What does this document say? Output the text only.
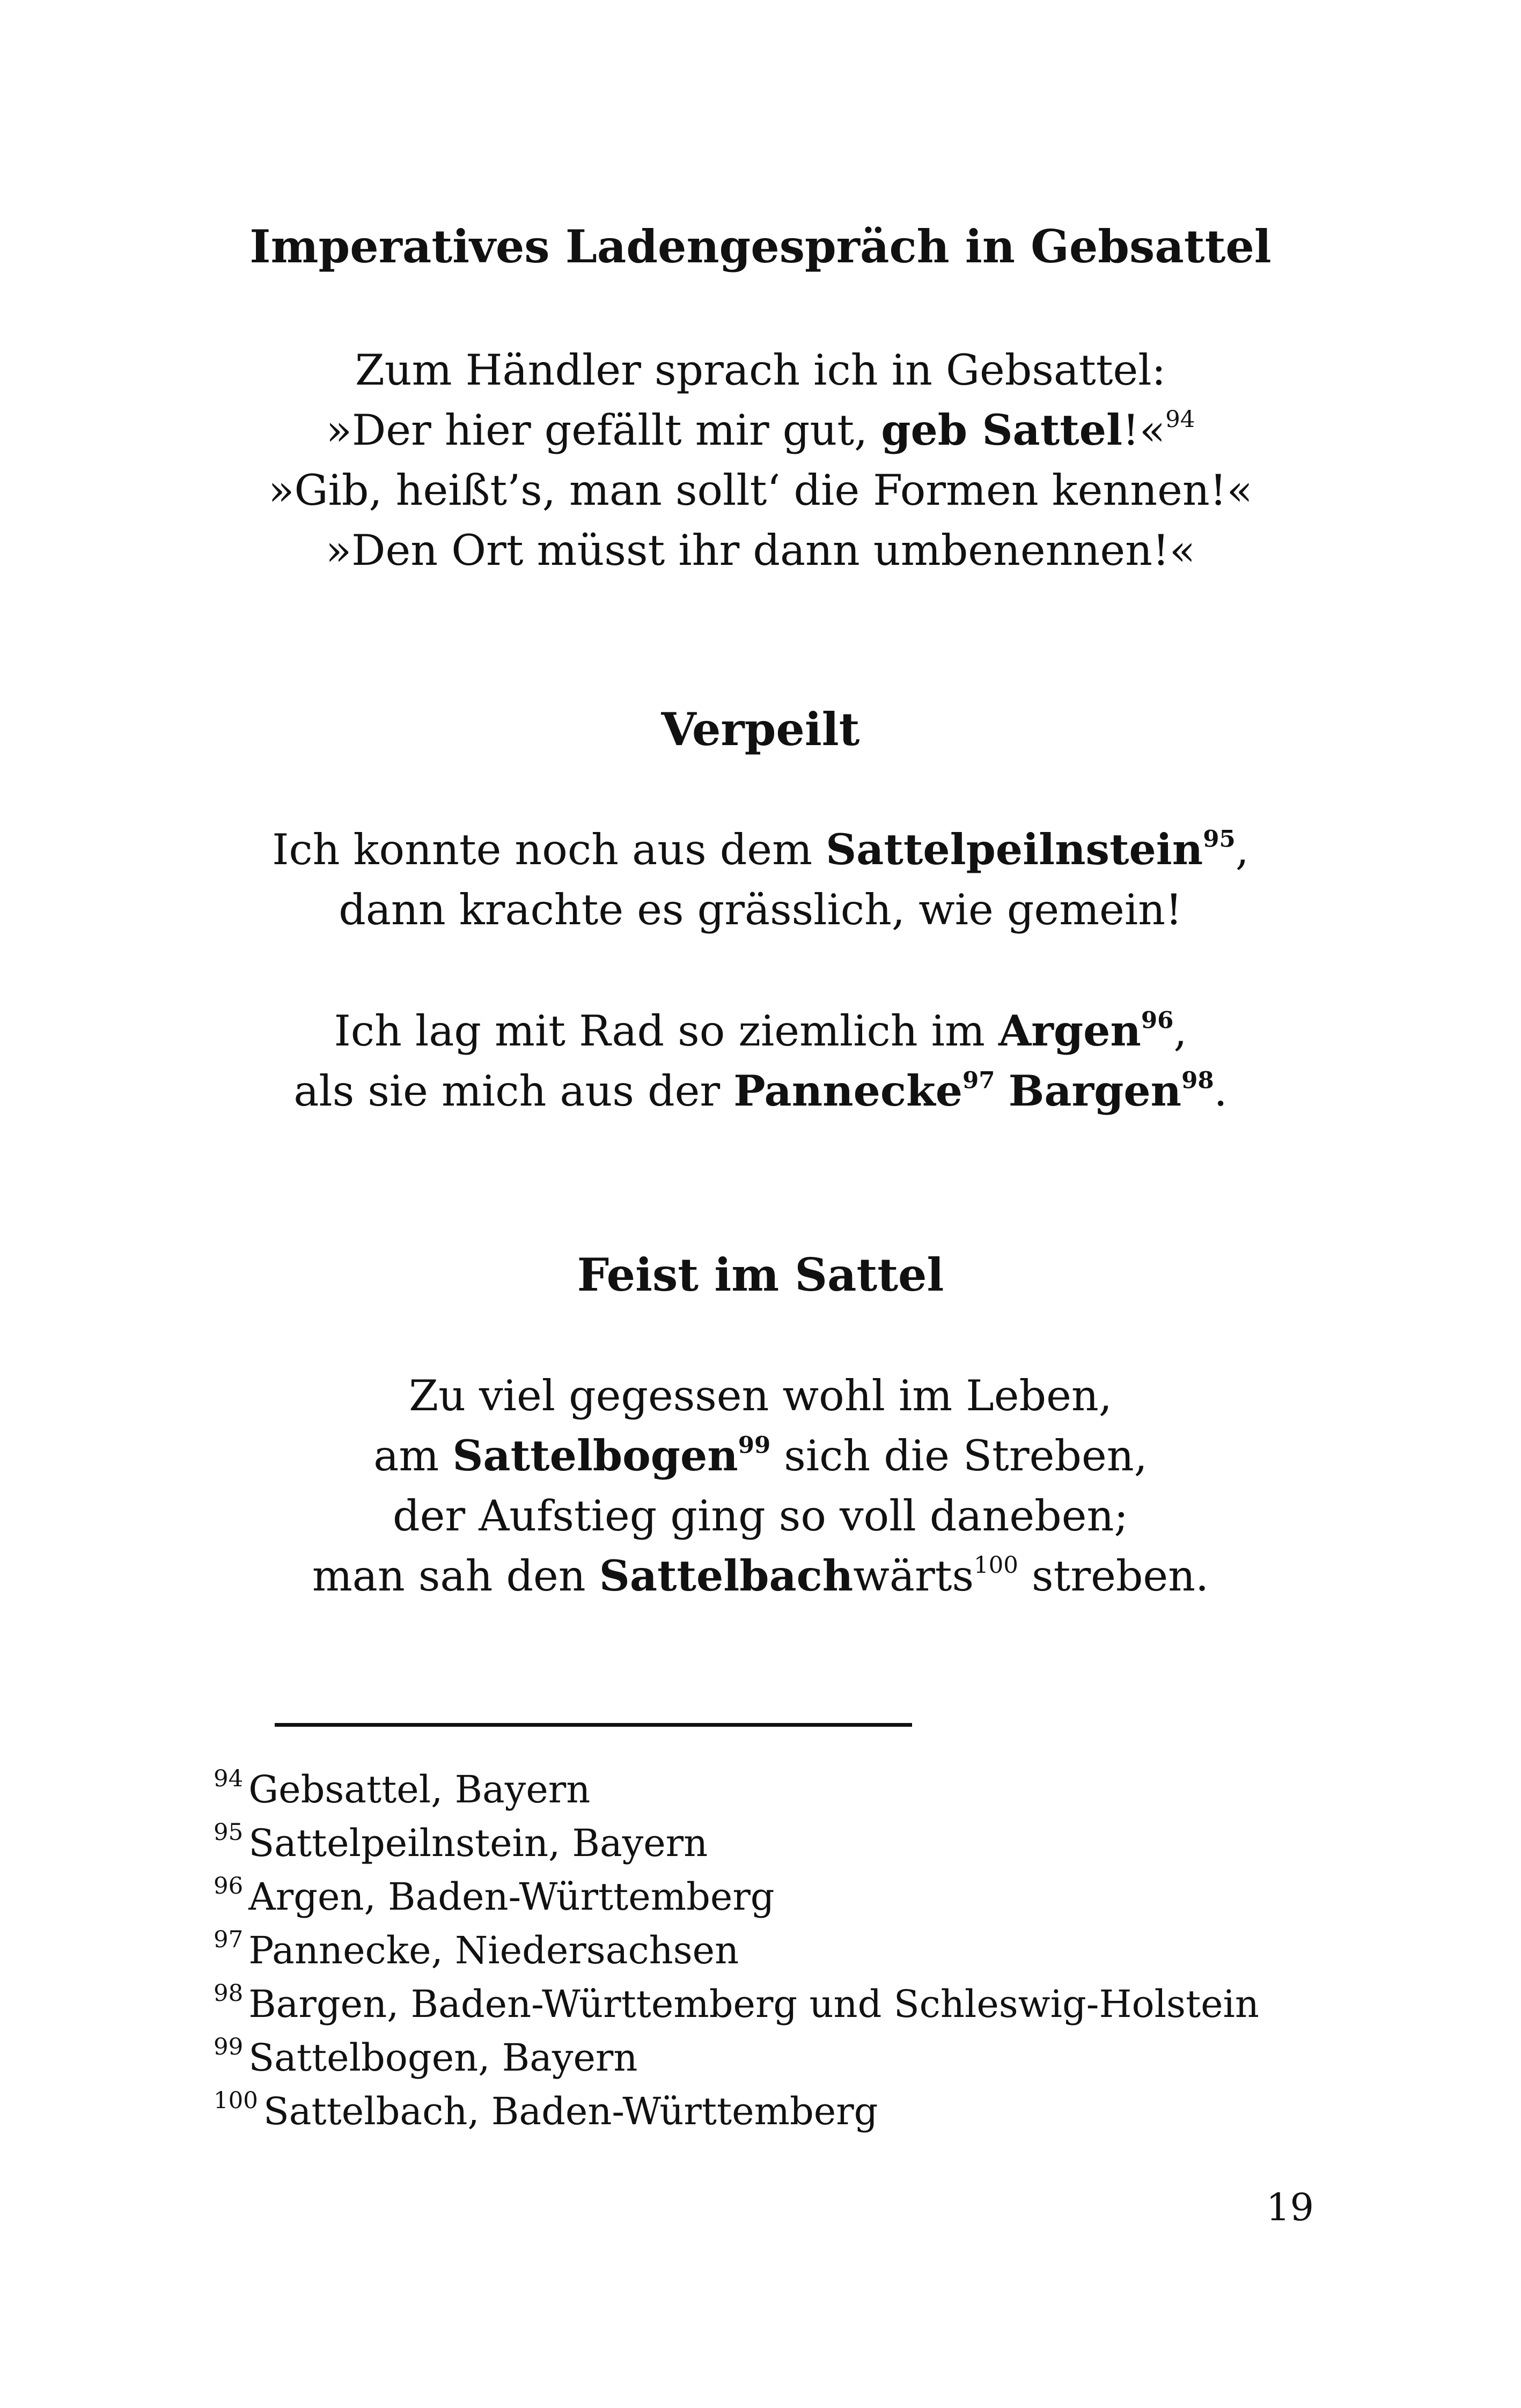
Imperatives Ladengespräch in Gebsattel
Zum Händler sprach ich in Gebsattel:
»Der hier gefällt mir gut, geb Sattel!«$^{94}$
»Gib, heißt’s, man sollt‘ die Formen kennen!«
»Den Ort müsst ihr dann umbenennen!«
Verpeilt
Ich konnte noch aus dem Sattelpeilnstein$^{95}$,
dann krachte es grässlich, wie gemein!
Ich lag mit Rad so ziemlich im Argen$^{96}$,
als sie mich aus der Pannecke$^{97}$ Bargen$^{98}$.
Feist im Sattel
Zu viel gegessen wohl im Leben,
am Sattelbogen$^{99}$ sich die Streben,
der Aufstieg ging so voll daneben;
man sah den Sattelbachwärts$^{100}$ streben.
$^{94}$ Gebsattel, Bayern
$^{95}$ Sattelpeilnstein, Bayern
$^{96}$ Argen, Baden-Württemberg
$^{97}$ Pannecke, Niedersachsen
$^{98}$ Bargen, Baden-Württemberg und Schleswig-Holstein
$^{99}$ Sattelbogen, Bayern
$^{100}$ Sattelbach, Baden-Württemberg
19
